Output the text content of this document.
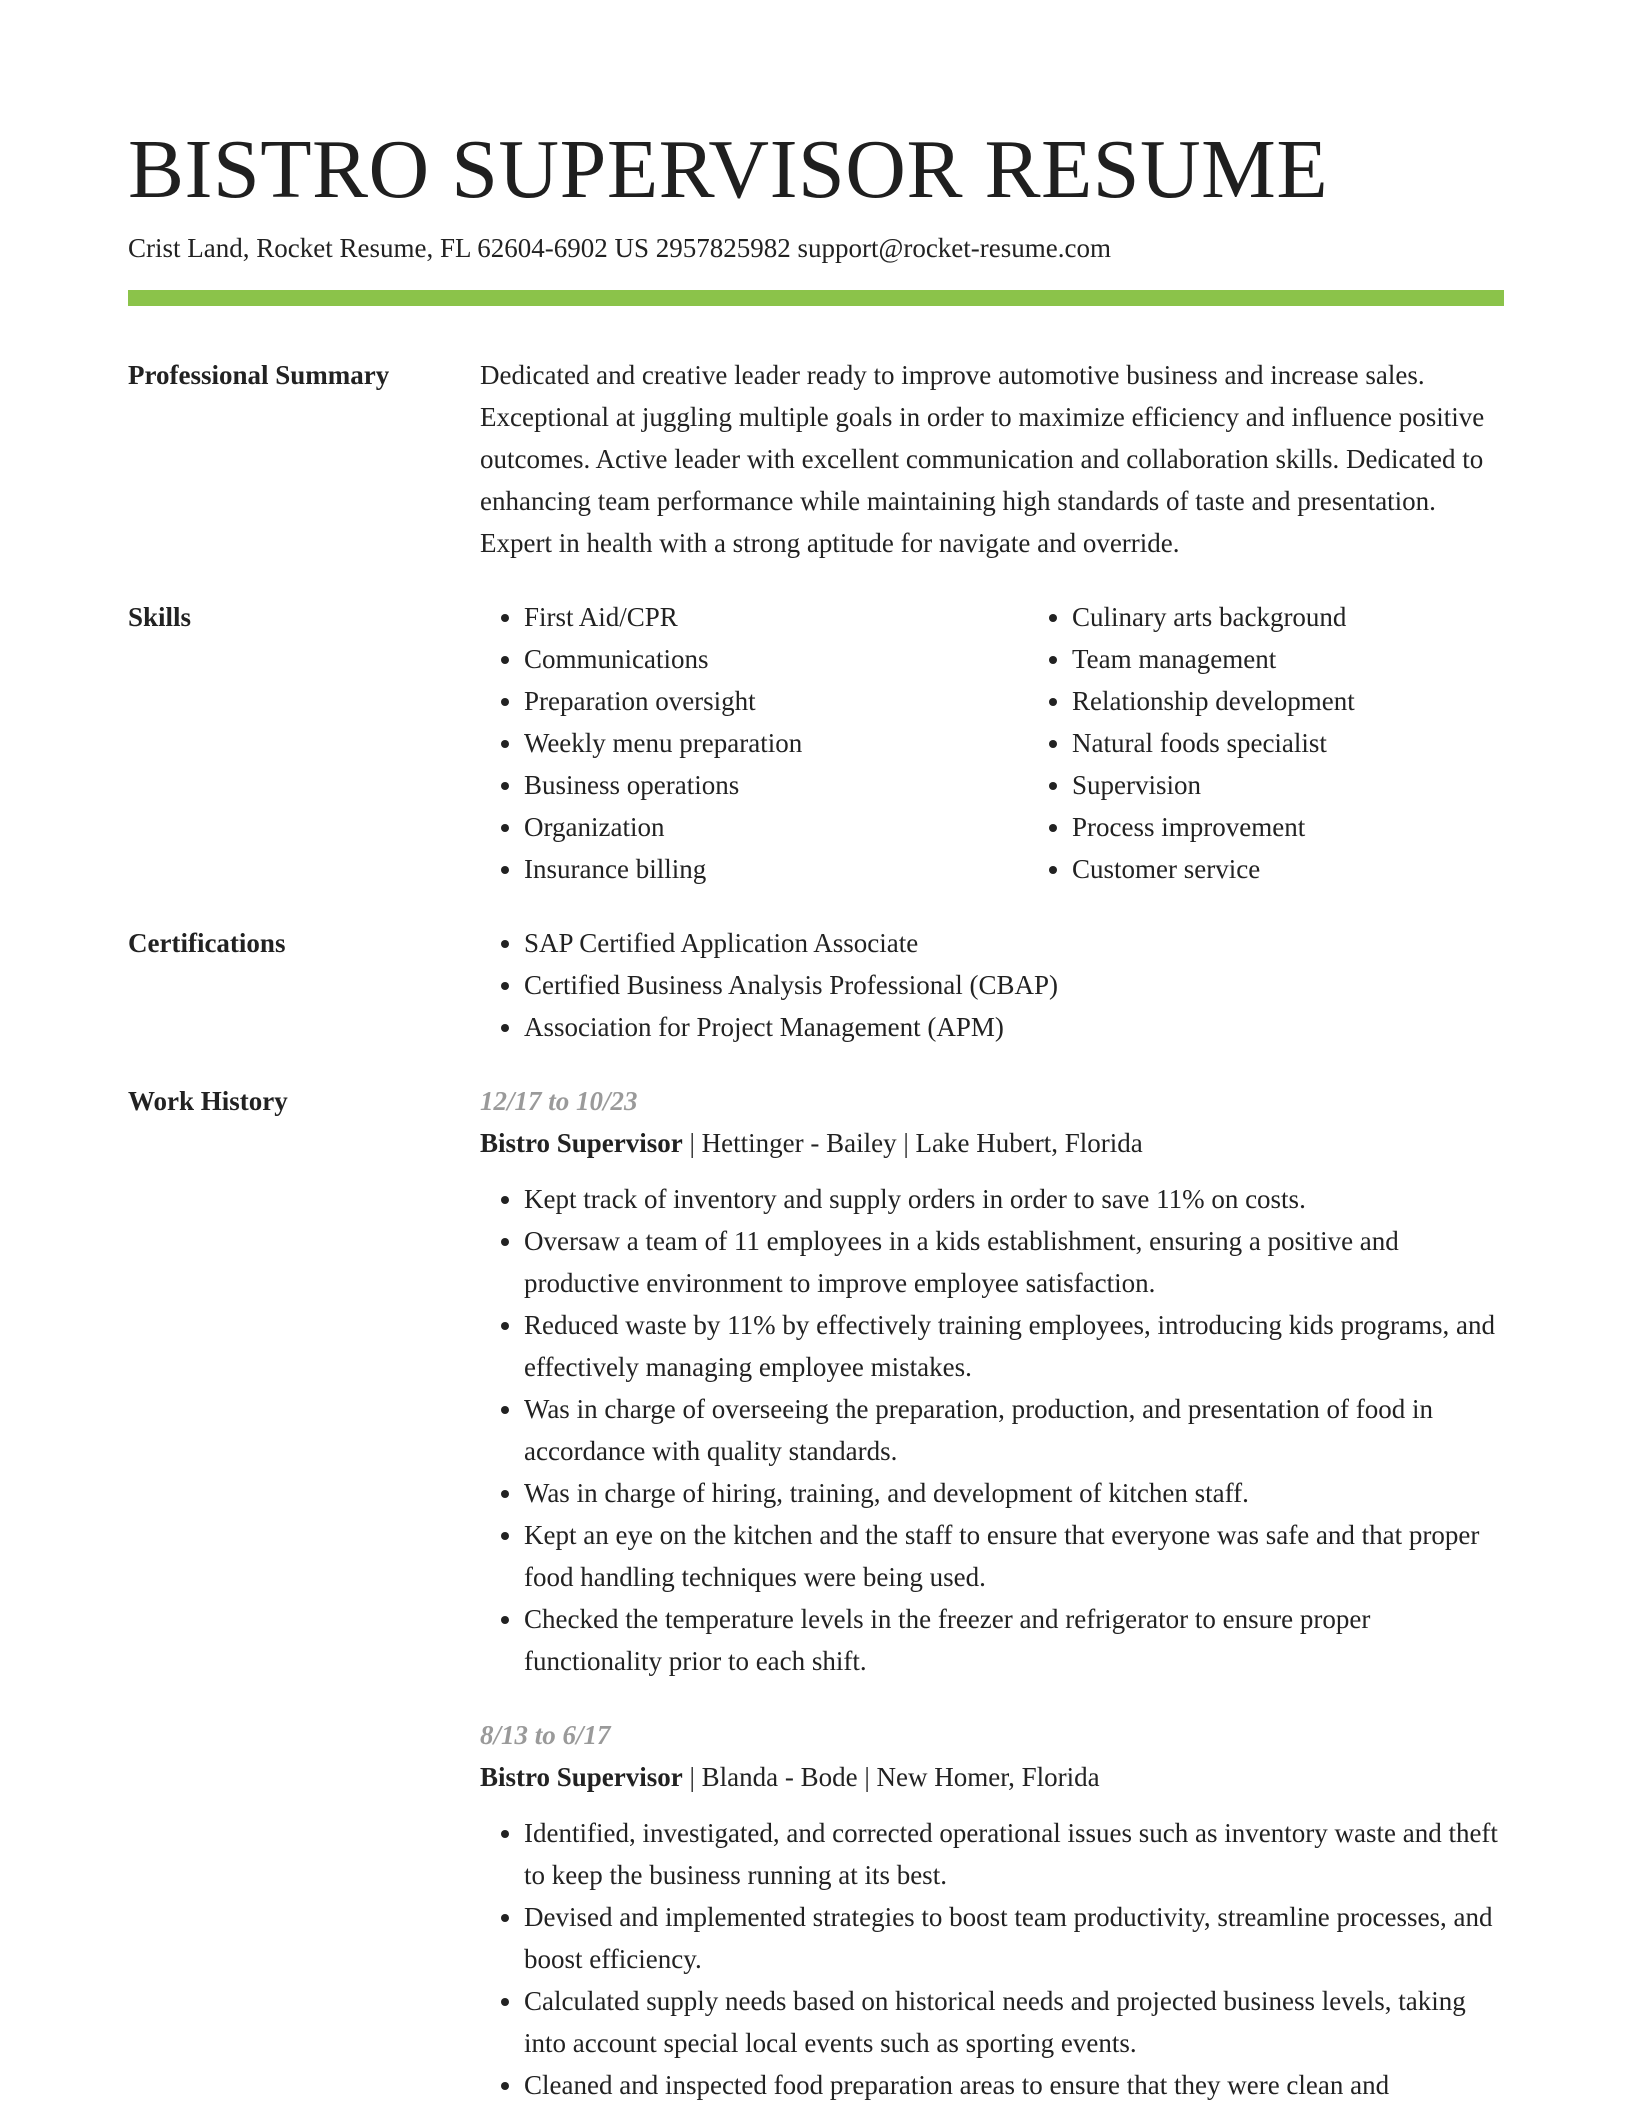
BISTRO SUPERVISOR RESUME
Crist Land, Rocket Resume, FL 62604-6902 US 2957825982 support@rocket-resume.com
Professional Summary	Dedicated and creative leader ready to improve automotive business and increase sales. Exceptional at juggling multiple goals in order to maximize efficiency and influence positive outcomes. Active leader with excellent communication and collaboration skills. Dedicated to enhancing team performance while maintaining high standards of taste and presentation. Expert in health with a strong aptitude for navigate and override.
Skills	• First Aid/CPR
• Communications
• Preparation oversight
• Weekly menu preparation
• Business operations
• Organization
• Insurance billing
• Culinary arts background
• Team management
• Relationship development
• Natural foods specialist
• Supervision
• Process improvement
• Customer service
Certifications	• SAP Certified Application Associate
• Certified Business Analysis Professional (CBAP)
• Association for Project Management (APM)
Work History	12/17 to 10/23
Bistro Supervisor | Hettinger - Bailey | Lake Hubert, Florida
• Kept track of inventory and supply orders in order to save 11% on costs.
• Oversaw a team of 11 employees in a kids establishment, ensuring a positive and productive environment to improve employee satisfaction.
• Reduced waste by 11% by effectively training employees, introducing kids programs, and effectively managing employee mistakes.
• Was in charge of overseeing the preparation, production, and presentation of food in accordance with quality standards.
• Was in charge of hiring, training, and development of kitchen staff.
• Kept an eye on the kitchen and the staff to ensure that everyone was safe and that proper food handling techniques were being used.
• Checked the temperature levels in the freezer and refrigerator to ensure proper functionality prior to each shift.
8/13 to 6/17
Bistro Supervisor | Blanda - Bode | New Homer, Florida
• Identified, investigated, and corrected operational issues such as inventory waste and theft to keep the business running at its best.
• Devised and implemented strategies to boost team productivity, streamline processes, and boost efficiency.
• Calculated supply needs based on historical needs and projected business levels, taking into account special local events such as sporting events.
• Cleaned and inspected food preparation areas to ensure that they were clean and
